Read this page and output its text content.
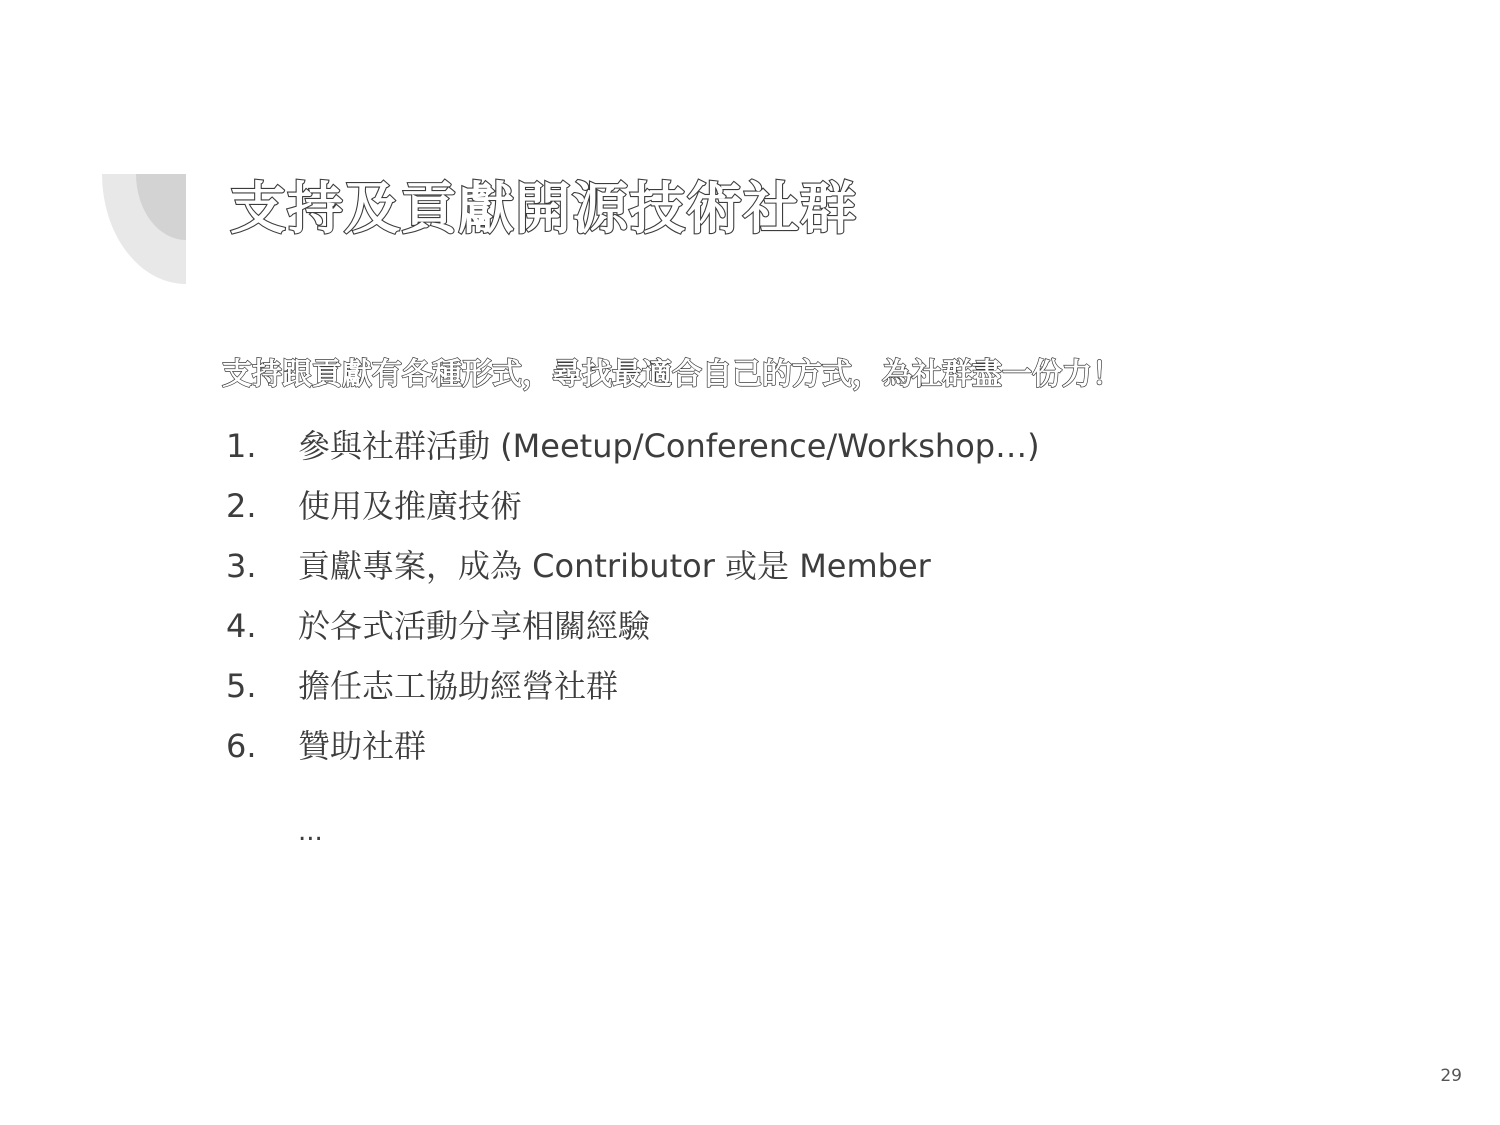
支持及貢獻開源技術社群

支持跟貢獻有各種形式，尋找最適合自己的方式，為社群盡一份力！

1. 參與社群活動 (Meetup/Conference/Workshop…)
2. 使用及推廣技術
3. 貢獻專案，成為 Contributor 或是 Member
4. 於各式活動分享相關經驗
5. 擔任志工協助經營社群
6. 贊助社群
...
29
